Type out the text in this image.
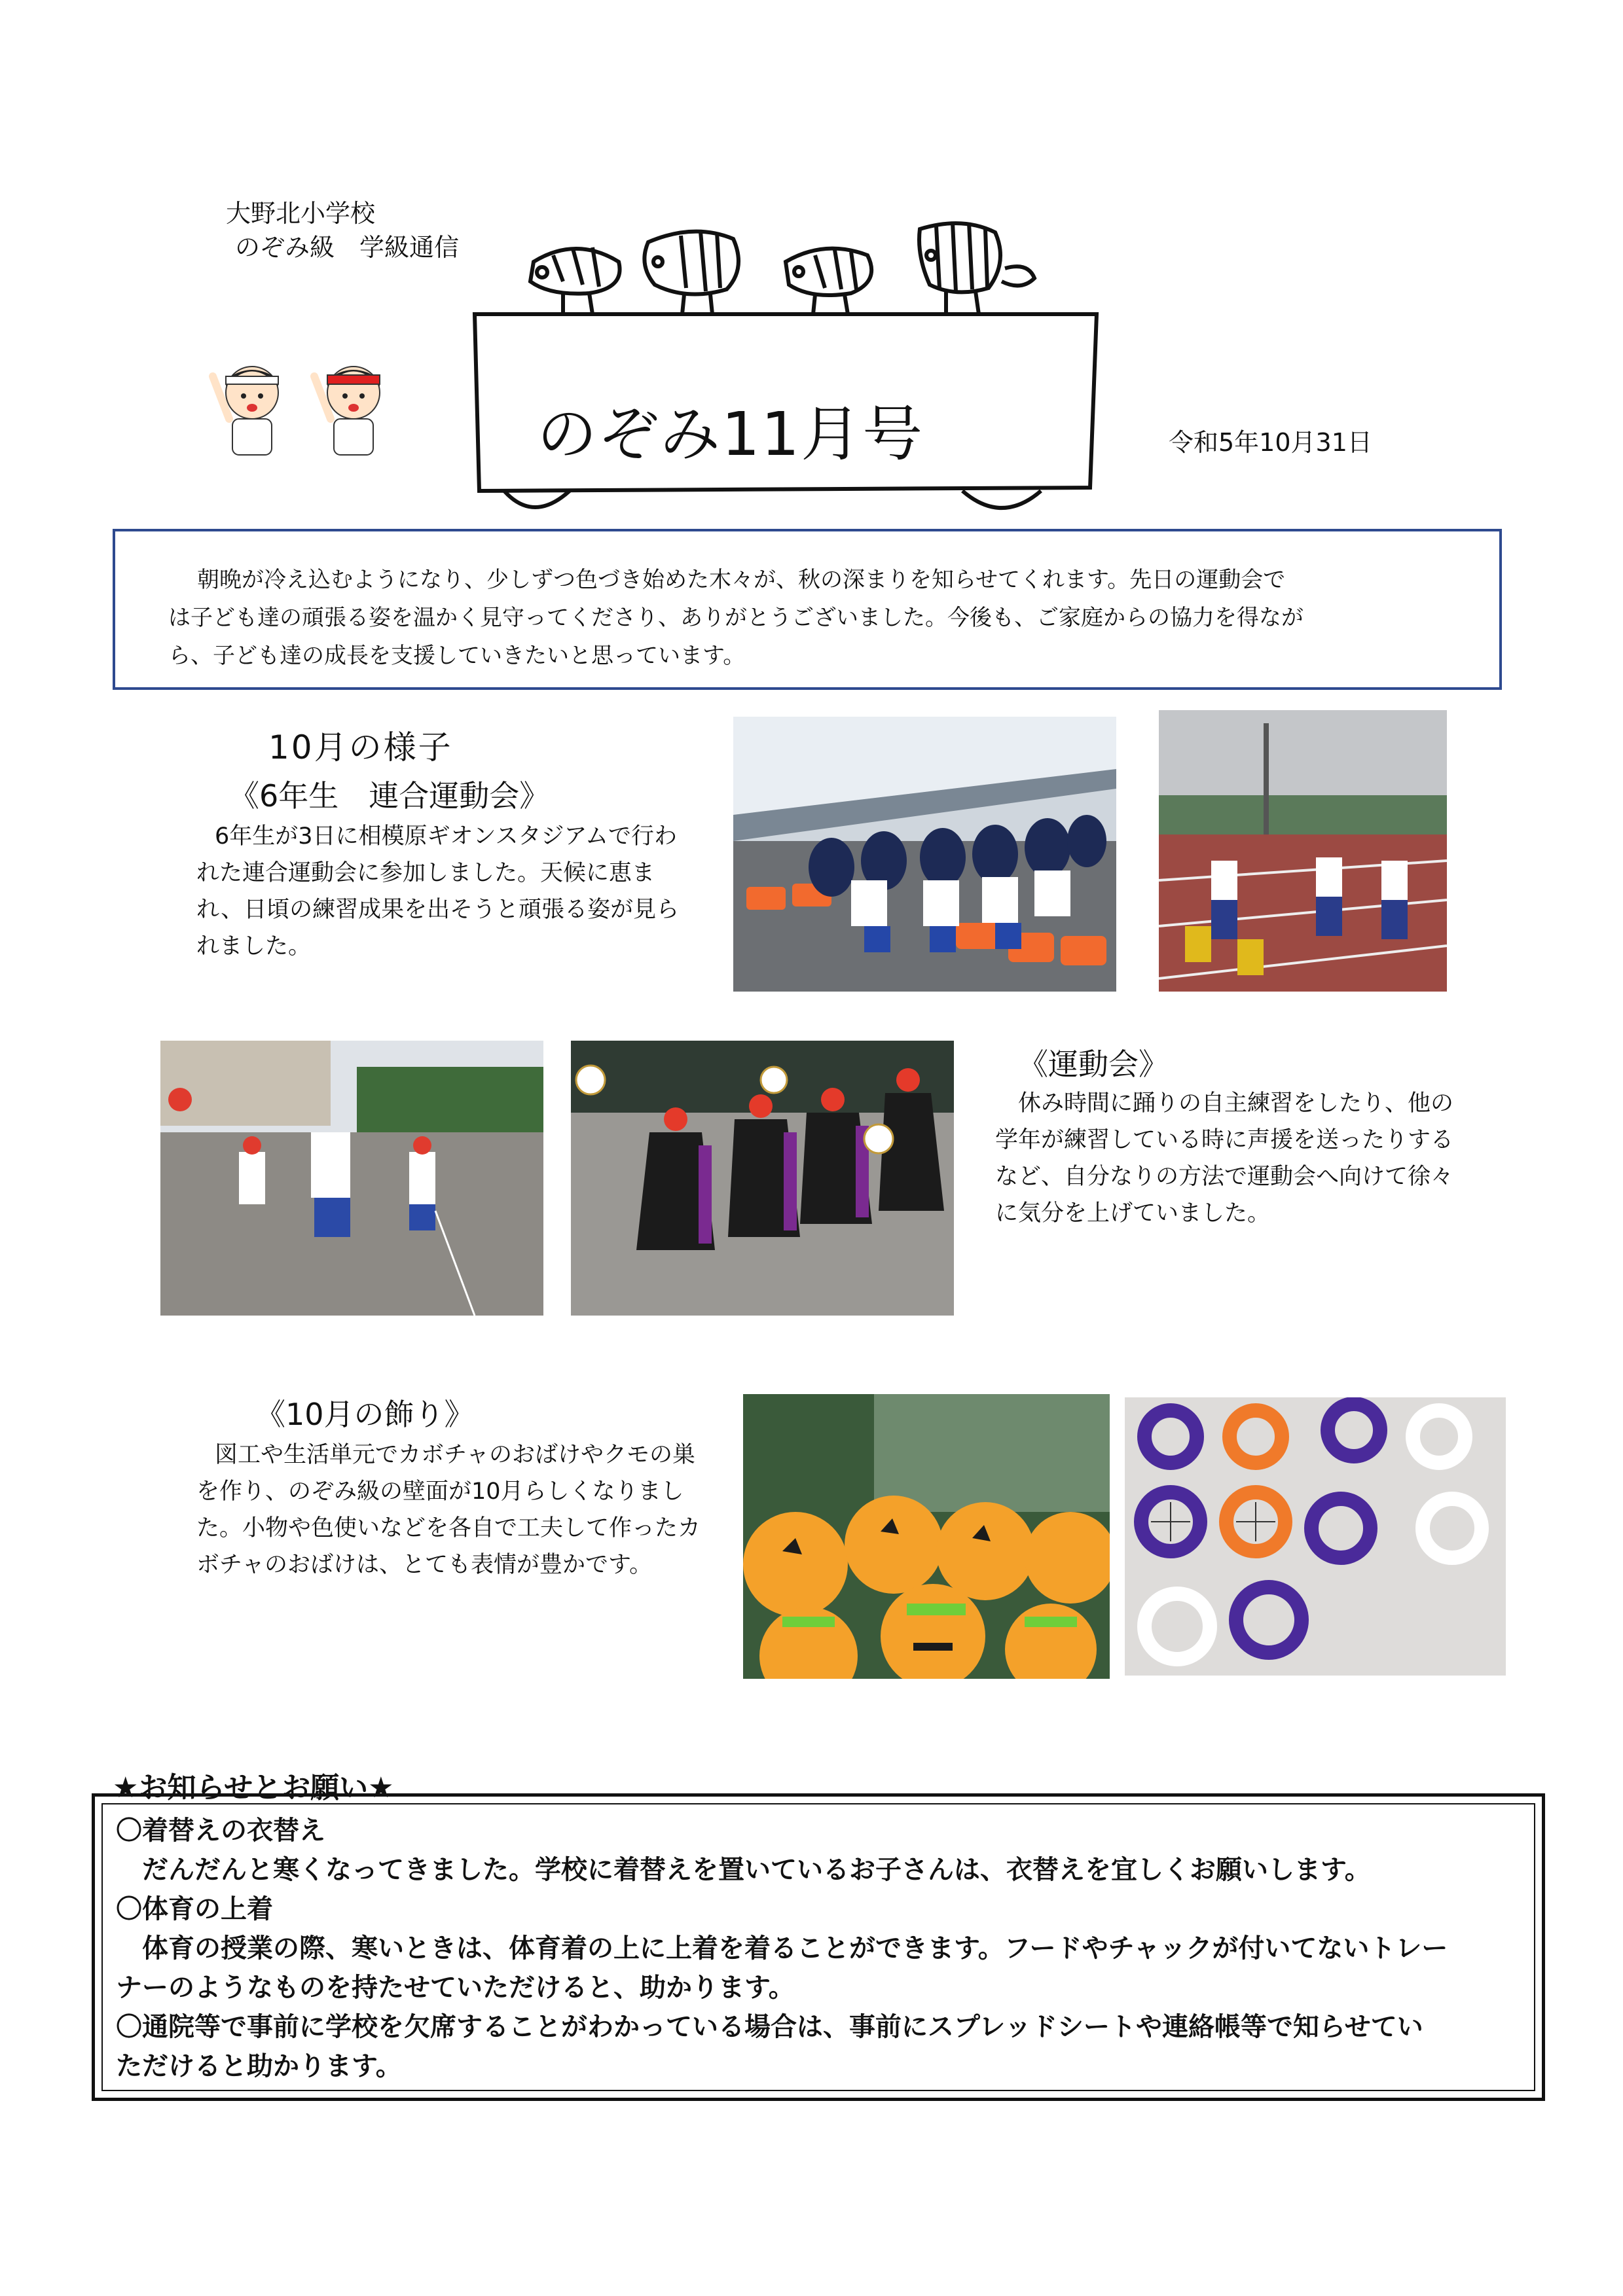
大野北小学校
のぞみ級　学級通信
のぞみ11月号	令和5年10月31日

朝晩が冷え込むようになり、少しずつ色づき始めた木々が、秋の深まりを知らせてくれます。先日の運動会で

は子ども達の頑張る姿を温かく見守ってくださり、ありがとうございました。今後も、ご家庭からの協力を得なが

ら、子ども達の成長を支援していきたいと思っています。

10月の様子
《6年生　連合運動会》
6年生が3日に相模原ギオンスタジアムで行われた連合運動会に参加しました。天候に恵まれ、日頃の練習成果を出そうと頑張る姿が見られました。
《運動会》
休み時間に踊りの自主練習をしたり、他の学年が練習している時に声援を送ったりするなど、自分なりの方法で運動会へ向けて徐々に気分を上げていました。
《10月の飾り》
図工や生活単元でカボチャのおばけやクモの巣を作り、のぞみ級の壁面が10月らしくなりました。小物や色使いなどを各自で工夫して作ったカボチャのおばけは、とても表情が豊かです。
★お知らせとお願い★

〇着替えの衣替え

だんだんと寒くなってきました。学校に着替えを置いているお子さんは、衣替えを宜しくお願いします。

〇体育の上着

体育の授業の際、寒いときは、体育着の上に上着を着ることができます。フードやチャックが付いてないトレー

ナーのようなものを持たせていただけると、助かります。

〇通院等で事前に学校を欠席することがわかっている場合は、事前にスプレッドシートや連絡帳等で知らせてい

ただけると助かります。
